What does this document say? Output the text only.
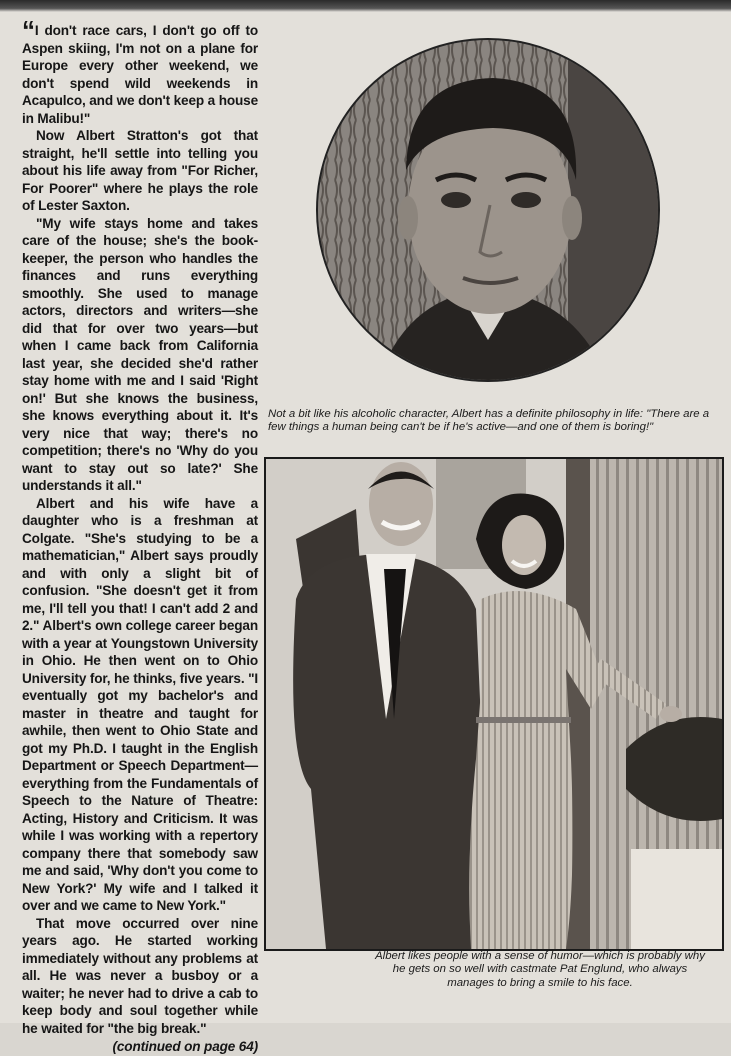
“I don't race cars, I don't go off to Aspen skiing, I'm not on a plane for Europe every other weekend, we don't spend wild weekends in Acapulco, and we don't keep a house in Malibu!"

Now Albert Stratton's got that straight, he'll settle into telling you about his life away from "For Richer, For Poorer" where he plays the role of Lester Saxton.

"My wife stays home and takes care of the house; she's the book-keeper, the person who handles the finances and runs everything smoothly. She used to manage actors, directors and writers—she did that for over two years—but when I came back from California last year, she decided she'd rather stay home with me and I said 'Right on!' But she knows the business, she knows everything about it. It's very nice that way; there's no competition; there's no 'Why do you want to stay out so late?' She understands it all."

Albert and his wife have a daughter who is a freshman at Colgate. "She's studying to be a mathematician," Albert says proudly and with only a slight bit of confusion. "She doesn't get it from me, I'll tell you that! I can't add 2 and 2." Albert's own college career began with a year at Youngstown University in Ohio. He then went on to Ohio University for, he thinks, five years. "I eventually got my bachelor's and master in theatre and taught for awhile, then went to Ohio State and got my Ph.D. I taught in the English Department or Speech Department—everything from the Fundamentals of Speech to the Nature of Theatre: Acting, History and Criticism. It was while I was working with a repertory company there that somebody saw me and said, 'Why don't you come to New York?' My wife and I talked it over and we came to New York."

That move occurred over nine years ago. He started working immediately without any problems at all. He was never a busboy or a waiter; he never had to drive a cab to keep body and soul together while he waited for "the big break."

(continued on page 64)
Not a bit like his alcoholic character, Albert has a definite philosophy in life: "There are a few things a human being can't be if he's active—and one of them is boring!"
Albert likes people with a sense of humor—which is probably why he gets on so well with castmate Pat Englund, who always manages to bring a smile to his face.
